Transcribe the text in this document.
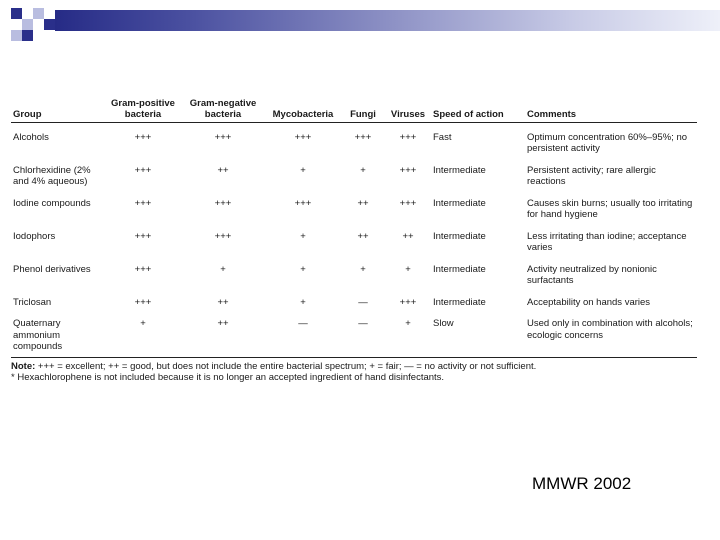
Group	Gram-positive bacteria	Gram-negative bacteria	Mycobacteria	Fungi	Viruses	Speed of action	Comments
Alcohols	+++	+++	+++	+++	+++	Fast	Optimum concentration 60%–95%; no persistent activity
Chlorhexidine (2% and 4% aqueous)	+++	++	+	+	+++	Intermediate	Persistent activity; rare allergic reactions
Iodine compounds	+++	+++	+++	++	+++	Intermediate	Causes skin burns; usually too irritating for hand hygiene
Iodophors	+++	+++	+	++	++	Intermediate	Less irritating than iodine; acceptance varies
Phenol derivatives	+++	+	+	+	+	Intermediate	Activity neutralized by nonionic surfactants
Triclosan	+++	++	+	—	+++	Intermediate	Acceptability on hands varies
Quaternary ammonium compounds	+	++	—	—	+	Slow	Used only in combination with alcohols; ecologic concerns
Note: +++ = excellent; ++ = good, but does not include the entire bacterial spectrum; + = fair; — = no activity or not sufficient.
* Hexachlorophene is not included because it is no longer an accepted ingredient of hand disinfectants.
MMWR 2002
